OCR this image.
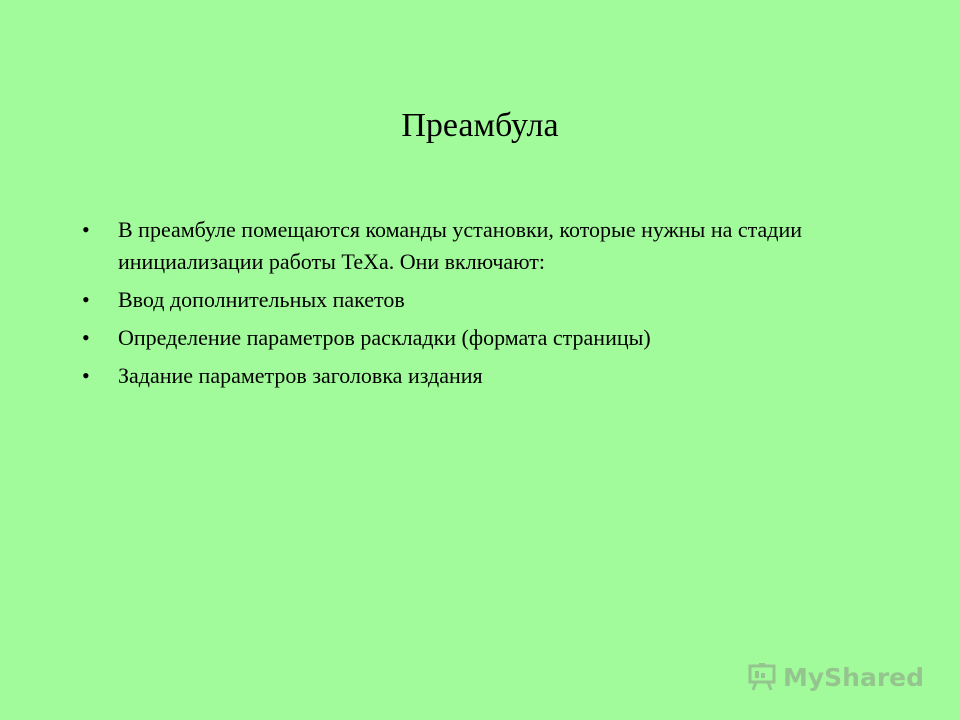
Преамбула
•	В преамбуле помещаются команды установки, которые нужны на стадии инициализации работы TeXa. Они включают:
•	Ввод дополнительных пакетов
•	Определение параметров раскладки (формата страницы)
•	Задание параметров заголовка издания
MyShared
